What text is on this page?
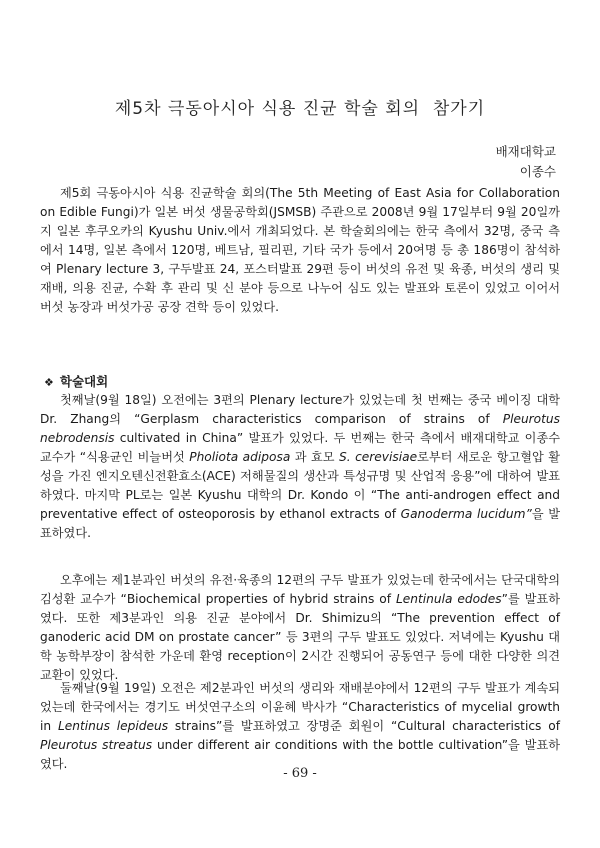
제5차 극동아시아 식용 진균 학술 회의  참가기
배재대학교
이종수
제5회 극동아시아 식용 진균학술 회의(The 5th Meeting of East Asia for Collaboration on Edible Fungi)가 일본 버섯 생물공학회(JSMSB) 주관으로 2008년 9월 17일부터 9월 20일까지 일본 후쿠오카의 Kyushu Univ.에서 개최되었다. 본 학술회의에는 한국 측에서 32명, 중국 측에서 14명, 일본 측에서 120명, 베트남, 필리핀, 기타 국가 등에서 20여명 등 총 186명이 참석하여 Plenary lecture 3, 구두발표 24, 포스터발표 29편 등이 버섯의 유전 및 육종, 버섯의 생리 및 재배, 의용 진균, 수확 후 관리 및 신 분야 등으로 나누어 심도 있는 발표와 토론이 있었고 이어서 버섯 농장과 버섯가공 공장 견학 등이 있었다.
❖ 학술대회
첫째날(9월 18일) 오전에는 3편의 Plenary lecture가 있었는데 첫 번째는 중국 베이징 대학 Dr. Zhang의 “Gerplasm characteristics comparison of strains of Pleurotus nebrodensis cultivated in China” 발표가 있었다. 두 번째는 한국 측에서 배재대학교 이종수 교수가 “식용균인 비늘버섯 Pholiota adiposa 과 효모 S. cerevisiae로부터 새로운 항고혈압 활성을 가진 엔지오텐신전환효소(ACE) 저해물질의 생산과 특성규명 및 산업적 응용”에 대하여 발표 하였다. 마지막 PL로는 일본 Kyushu 대학의 Dr. Kondo 이 “The anti-androgen effect and preventative effect of osteoporosis by ethanol extracts of Ganoderma lucidum”을 발표하였다.
오후에는 제1분과인 버섯의 유전·육종의 12편의 구두 발표가 있었는데 한국에서는 단국대학의 김성환 교수가 “Biochemical properties of hybrid strains of Lentinula edodes”를 발표하였다. 또한 제3분과인 의용 진균 분야에서 Dr. Shimizu의 “The prevention effect of ganoderic acid DM on prostate cancer” 등 3편의 구두 발표도 있었다. 저녁에는 Kyushu 대학 농학부장이 참석한 가운데 환영 reception이 2시간 진행되어 공동연구 등에 대한 다양한 의견교환이 있었다.
둘째날(9월 19일) 오전은 제2분과인 버섯의 생리와 재배분야에서 12편의 구두 발표가 계속되었는데 한국에서는 경기도 버섯연구소의 이윤혜 박사가 “Characteristics of mycelial growth in Lentinus lepideus strains”를 발표하였고 장명준 회원이 “Cultural characteristics of Pleurotus streatus under different air conditions with the bottle cultivation”을 발표하였다.
- 69 -
